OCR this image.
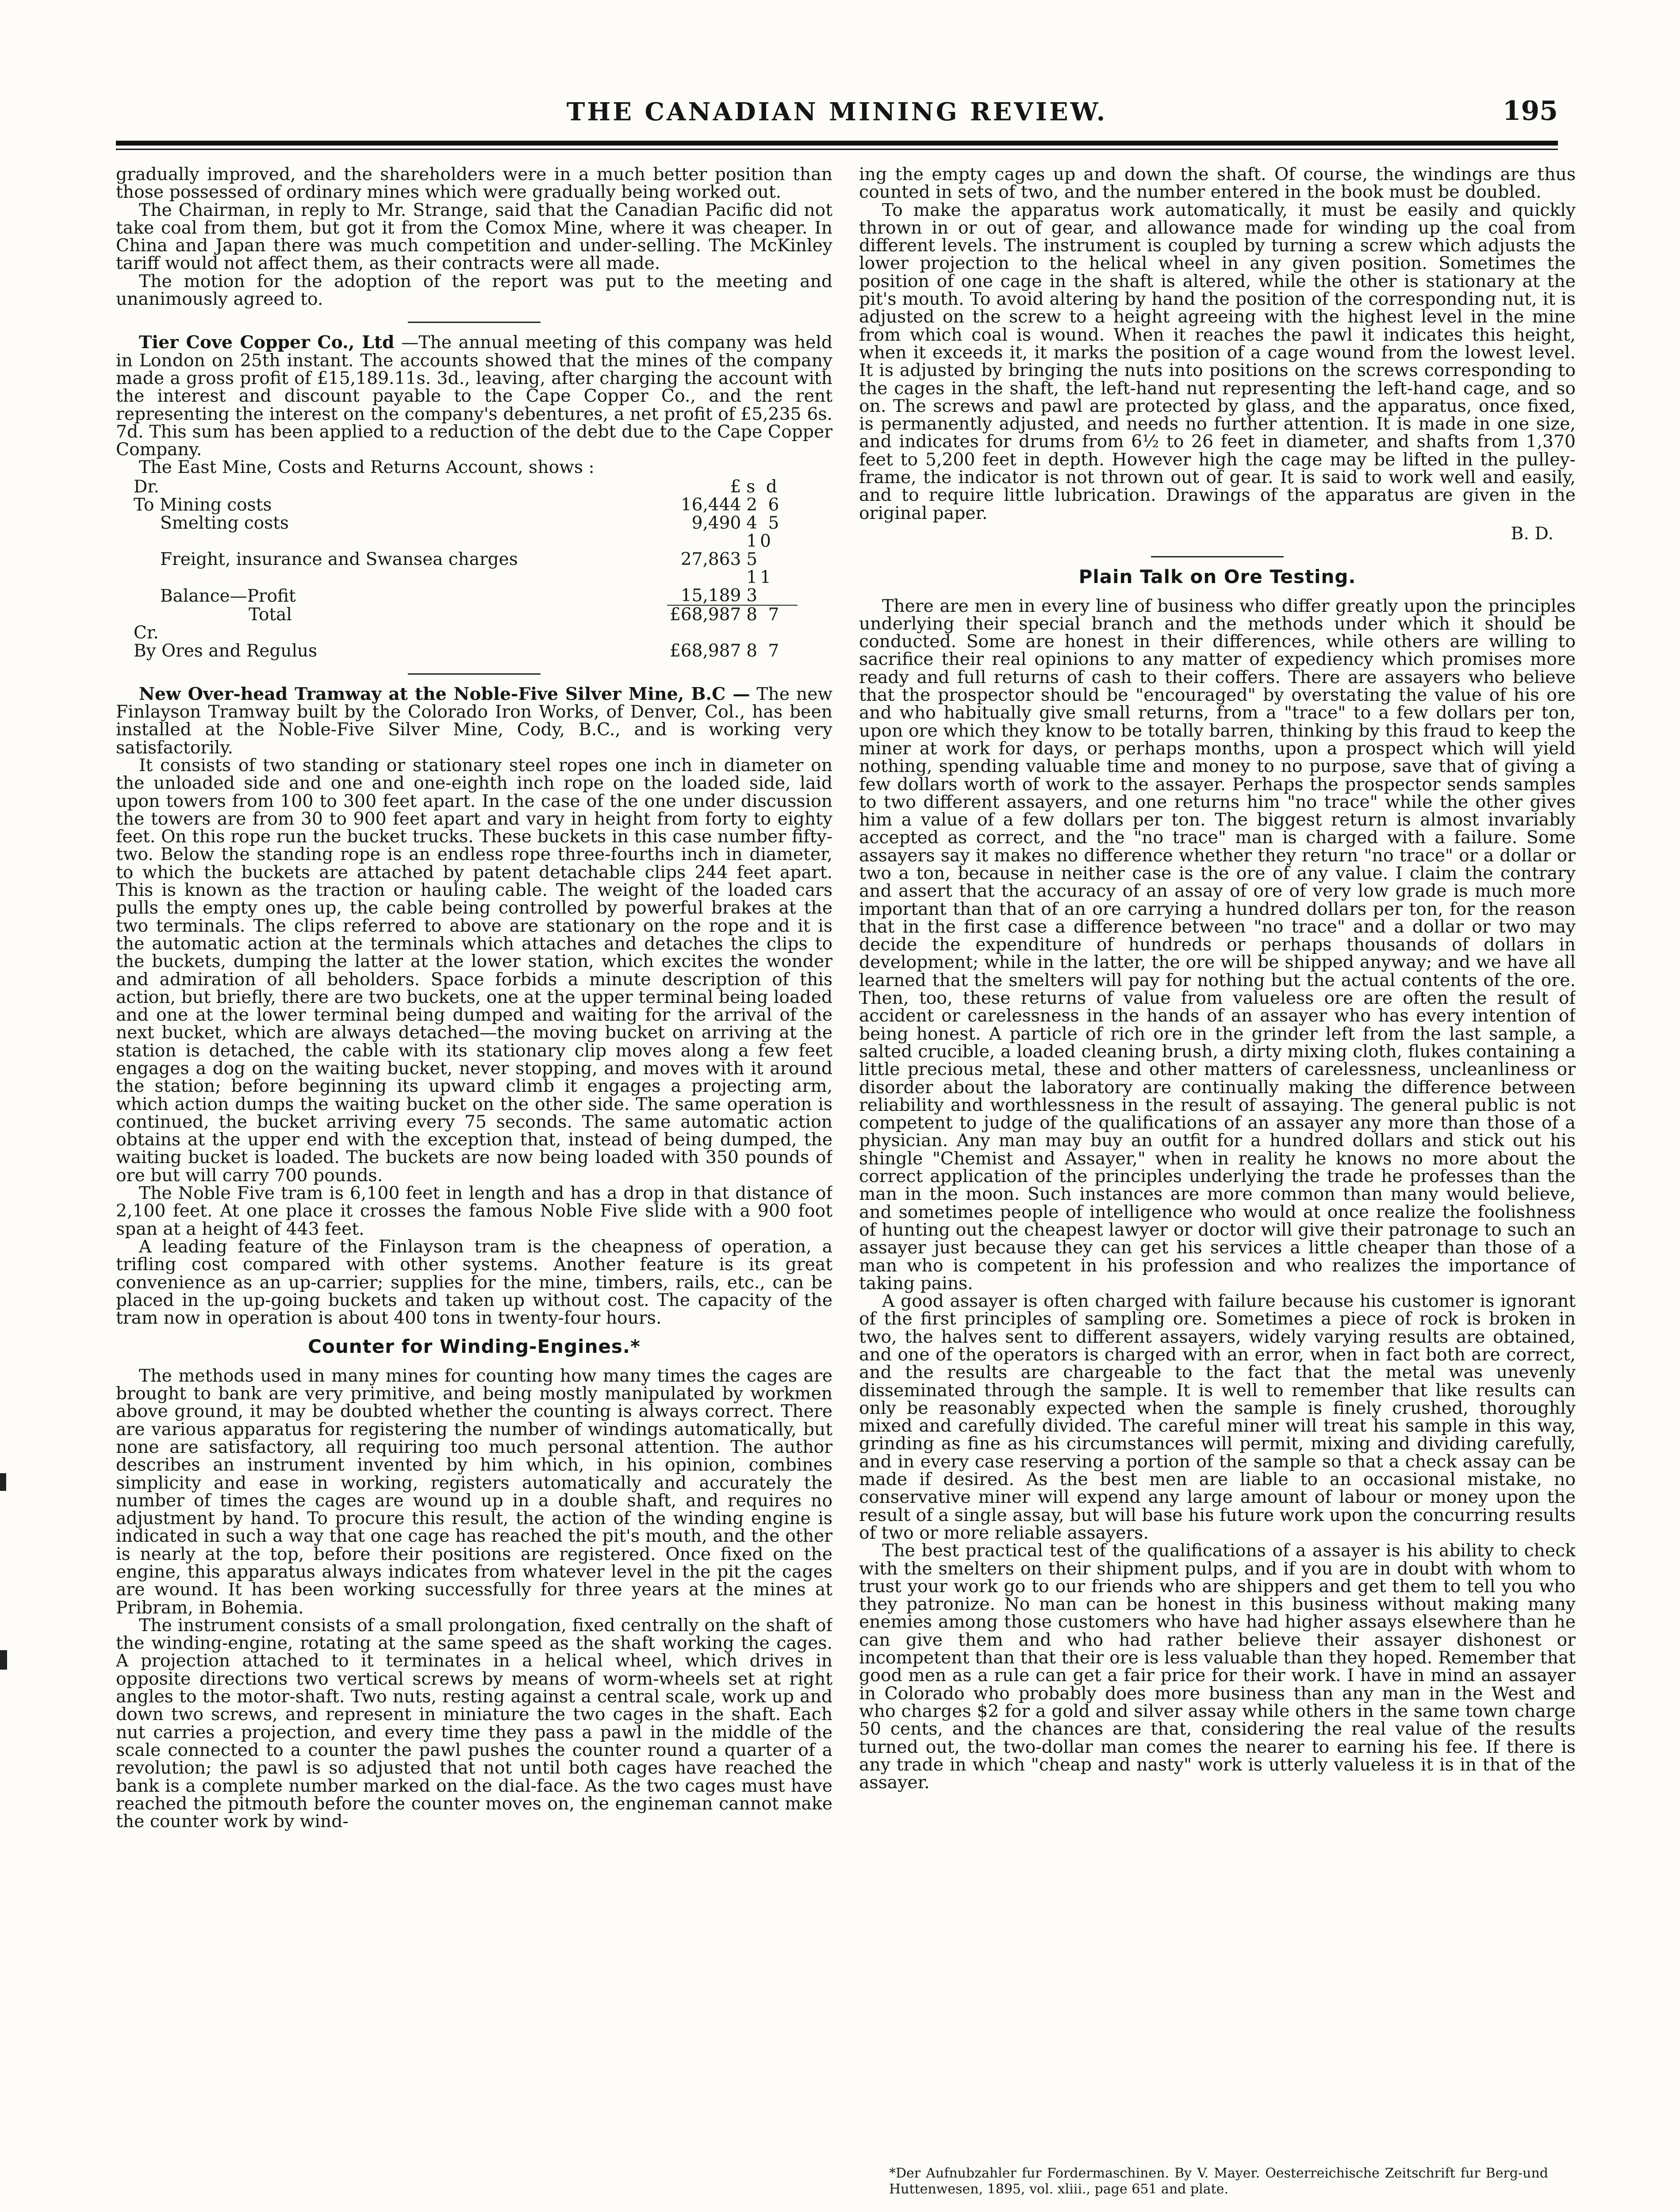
THE CANADIAN MINING REVIEW.	195

gradually improved, and the shareholders were in a much better position than those possessed of ordinary mines which were gradually being worked out.

The Chairman, in reply to Mr. Strange, said that the Canadian Pacific did not take coal from them, but got it from the Comox Mine, where it was cheaper. In China and Japan there was much competition and under-selling. The McKinley tariff would not affect them, as their contracts were all made.

The motion for the adoption of the report was put to the meeting and unanimously agreed to.

Tier Cove Copper Co., Ltd —The annual meeting of this company was held in London on 25th instant. The accounts showed that the mines of the company made a gross profit of £15,189.11s. 3d., leaving, after charging the account with the interest and discount payable to the Cape Copper Co., and the rent representing the interest on the company's debentures, a net profit of £5,235 6s. 7d. This sum has been applied to a reduction of the debt due to the Cape Copper Company.

The East Mine, Costs and Returns Account, shows :

Dr.	£	s d
To Mining costs	16,444	2 6
Smelting costs	9,490	4 5
Freight, insurance and Swansea charges	27,863	10 5
Balance—Profit	15,189	11 3
Total	£68,987	8 7
Cr.		
By Ores and Regulus	£68,987	8 7

New Over-head Tramway at the Noble-Five Silver Mine, B.C — The new Finlayson Tramway built by the Colorado Iron Works, of Denver, Col., has been installed at the Noble-Five Silver Mine, Cody, B.C., and is working very satisfactorily.

It consists of two standing or stationary steel ropes one inch in diameter on the unloaded side and one and one-eighth inch rope on the loaded side, laid upon towers from 100 to 300 feet apart. In the case of the one under discussion the towers are from 30 to 900 feet apart and vary in height from forty to eighty feet. On this rope run the bucket trucks. These buckets in this case number fifty-two. Below the standing rope is an endless rope three-fourths inch in diameter, to which the buckets are attached by patent detachable clips 244 feet apart. This is known as the traction or hauling cable. The weight of the loaded cars pulls the empty ones up, the cable being controlled by powerful brakes at the two terminals. The clips referred to above are stationary on the rope and it is the automatic action at the terminals which attaches and detaches the clips to the buckets, dumping the latter at the lower station, which excites the wonder and admiration of all beholders. Space forbids a minute description of this action, but briefly, there are two buckets, one at the upper terminal being loaded and one at the lower terminal being dumped and waiting for the arrival of the next bucket, which are always detached—the moving bucket on arriving at the station is detached, the cable with its stationary clip moves along a few feet engages a dog on the waiting bucket, never stopping, and moves with it around the station; before beginning its upward climb it engages a projecting arm, which action dumps the waiting bucket on the other side. The same operation is continued, the bucket arriving every 75 seconds. The same automatic action obtains at the upper end with the exception that, instead of being dumped, the waiting bucket is loaded. The buckets are now being loaded with 350 pounds of ore but will carry 700 pounds.

The Noble Five tram is 6,100 feet in length and has a drop in that distance of 2,100 feet. At one place it crosses the famous Noble Five slide with a 900 foot span at a height of 443 feet.

A leading feature of the Finlayson tram is the cheapness of operation, a trifling cost compared with other systems. Another feature is its great convenience as an up-carrier; supplies for the mine, timbers, rails, etc., can be placed in the up-going buckets and taken up without cost. The capacity of the tram now in operation is about 400 tons in twenty-four hours.

Counter for Winding-Engines.*

The methods used in many mines for counting how many times the cages are brought to bank are very primitive, and being mostly manipulated by workmen above ground, it may be doubted whether the counting is always correct. There are various apparatus for registering the number of windings automatically, but none are satisfactory, all requiring too much personal attention. The author describes an instrument invented by him which, in his opinion, combines simplicity and ease in working, registers automatically and accurately the number of times the cages are wound up in a double shaft, and requires no adjustment by hand. To procure this result, the action of the winding engine is indicated in such a way that one cage has reached the pit's mouth, and the other is nearly at the top, before their positions are registered. Once fixed on the engine, this apparatus always indicates from whatever level in the pit the cages are wound. It has been working successfully for three years at the mines at Pribram, in Bohemia.

The instrument consists of a small prolongation, fixed centrally on the shaft of the winding-engine, rotating at the same speed as the shaft working the cages. A projection attached to it terminates in a helical wheel, which drives in opposite directions two vertical screws by means of worm-wheels set at right angles to the motor-shaft. Two nuts, resting against a central scale, work up and down two screws, and represent in miniature the two cages in the shaft. Each nut carries a projection, and every time they pass a pawl in the middle of the scale connected to a counter the pawl pushes the counter round a quarter of a revolution; the pawl is so adjusted that not until both cages have reached the bank is a complete number marked on the dial-face. As the two cages must have reached the pitmouth before the counter moves on, the engineman cannot make the counter work by wind-

ing the empty cages up and down the shaft. Of course, the windings are thus counted in sets of two, and the number entered in the book must be doubled.

To make the apparatus work automatically, it must be easily and quickly thrown in or out of gear, and allowance made for winding up the coal from different levels. The instrument is coupled by turning a screw which adjusts the lower projection to the helical wheel in any given position. Sometimes the position of one cage in the shaft is altered, while the other is stationary at the pit's mouth. To avoid altering by hand the position of the corresponding nut, it is adjusted on the screw to a height agreeing with the highest level in the mine from which coal is wound. When it reaches the pawl it indicates this height, when it exceeds it, it marks the position of a cage wound from the lowest level. It is adjusted by bringing the nuts into positions on the screws corresponding to the cages in the shaft, the left-hand nut representing the left-hand cage, and so on. The screws and pawl are protected by glass, and the apparatus, once fixed, is permanently adjusted, and needs no further attention. It is made in one size, and indicates for drums from 6½ to 26 feet in diameter, and shafts from 1,370 feet to 5,200 feet in depth. However high the cage may be lifted in the pulley-frame, the indicator is not thrown out of gear. It is said to work well and easily, and to require little lubrication. Drawings of the apparatus are given in the original paper.

B. D.

Plain Talk on Ore Testing.

There are men in every line of business who differ greatly upon the principles underlying their special branch and the methods under which it should be conducted. Some are honest in their differences, while others are willing to sacrifice their real opinions to any matter of expediency which promises more ready and full returns of cash to their coffers. There are assayers who believe that the prospector should be "encouraged" by overstating the value of his ore and who habitually give small returns, from a "trace" to a few dollars per ton, upon ore which they know to be totally barren, thinking by this fraud to keep the miner at work for days, or perhaps months, upon a prospect which will yield nothing, spending valuable time and money to no purpose, save that of giving a few dollars worth of work to the assayer. Perhaps the prospector sends samples to two different assayers, and one returns him "no trace" while the other gives him a value of a few dollars per ton. The biggest return is almost invariably accepted as correct, and the "no trace" man is charged with a failure. Some assayers say it makes no difference whether they return "no trace" or a dollar or two a ton, because in neither case is the ore of any value. I claim the contrary and assert that the accuracy of an assay of ore of very low grade is much more important than that of an ore carrying a hundred dollars per ton, for the reason that in the first case a difference between "no trace" and a dollar or two may decide the expenditure of hundreds or perhaps thousands of dollars in development; while in the latter, the ore will be shipped anyway; and we have all learned that the smelters will pay for nothing but the actual contents of the ore. Then, too, these returns of value from valueless ore are often the result of accident or carelessness in the hands of an assayer who has every intention of being honest. A particle of rich ore in the grinder left from the last sample, a salted crucible, a loaded cleaning brush, a dirty mixing cloth, flukes containing a little precious metal, these and other matters of carelessness, uncleanliness or disorder about the laboratory are continually making the difference between reliability and worthlessness in the result of assaying. The general public is not competent to judge of the qualifications of an assayer any more than those of a physician. Any man may buy an outfit for a hundred dollars and stick out his shingle "Chemist and Assayer," when in reality he knows no more about the correct application of the principles underlying the trade he professes than the man in the moon. Such instances are more common than many would believe, and sometimes people of intelligence who would at once realize the foolishness of hunting out the cheapest lawyer or doctor will give their patronage to such an assayer just because they can get his services a little cheaper than those of a man who is competent in his profession and who realizes the importance of taking pains.

A good assayer is often charged with failure because his customer is ignorant of the first principles of sampling ore. Sometimes a piece of rock is broken in two, the halves sent to different assayers, widely varying results are obtained, and one of the operators is charged with an error, when in fact both are correct, and the results are chargeable to the fact that the metal was unevenly disseminated through the sample. It is well to remember that like results can only be reasonably expected when the sample is finely crushed, thoroughly mixed and carefully divided. The careful miner will treat his sample in this way, grinding as fine as his circumstances will permit, mixing and dividing carefully, and in every case reserving a portion of the sample so that a check assay can be made if desired. As the best men are liable to an occasional mistake, no conservative miner will expend any large amount of labour or money upon the result of a single assay, but will base his future work upon the concurring results of two or more reliable assayers.

The best practical test of the qualifications of a assayer is his ability to check with the smelters on their shipment pulps, and if you are in doubt with whom to trust your work go to our friends who are shippers and get them to tell you who they patronize. No man can be honest in this business without making many enemies among those customers who have had higher assays elsewhere than he can give them and who had rather believe their assayer dishonest or incompetent than that their ore is less valuable than they hoped. Remember that good men as a rule can get a fair price for their work. I have in mind an assayer in Colorado who probably does more business than any man in the West and who charges $2 for a gold and silver assay while others in the same town charge 50 cents, and the chances are that, considering the real value of the results turned out, the two-dollar man comes the nearer to earning his fee. If there is any trade in which "cheap and nasty" work is utterly valueless it is in that of the assayer.

*Der Aufnubzahler fur Fordermaschinen. By V. Mayer. Oesterreichische Zeitschrift fur Berg-und Huttenwesen, 1895, vol. xliii., page 651 and plate.
